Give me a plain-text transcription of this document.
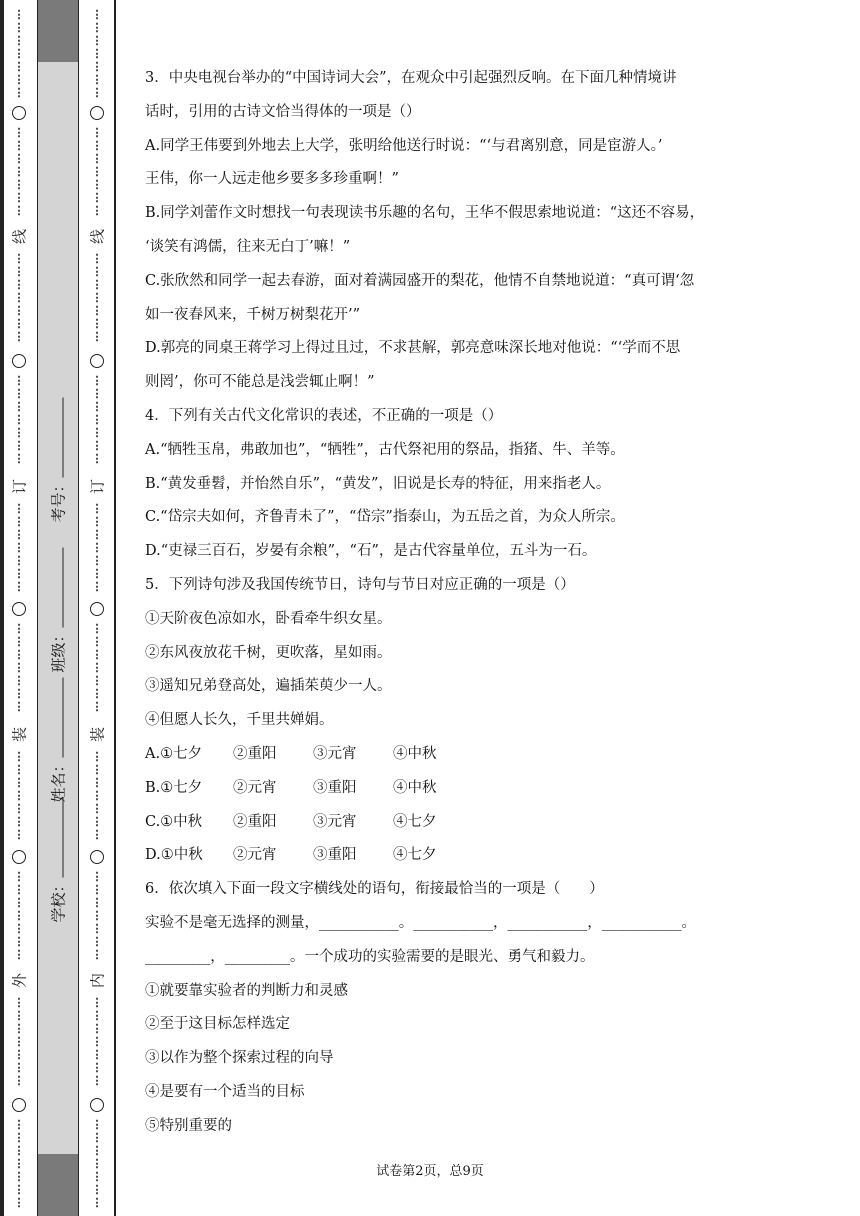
⋮
⋮
⋮
⋮
⋮
⋮
⋮
⋮
⋮
⋮
⋮
⋮
⋮
⋮
线
⋮
⋮
⋮
⋮
⋮
⋮
⋮
⋮
⋮
⋮
⋮
⋮
⋮
⋮
订
⋮
⋮
⋮
⋮
⋮
⋮
⋮
⋮
⋮
⋮
⋮
⋮
⋮
⋮
装
⋮
⋮
⋮
⋮
⋮
⋮
⋮
⋮
⋮
⋮
⋮
⋮
⋮
⋮
外
⋮
⋮
⋮
⋮
⋮
⋮
⋮
⋮
⋮
⋮
⋮
⋮
⋮
⋮
考号：
班级：
姓名：
学校：
⋮
⋮
⋮
⋮
⋮
⋮
⋮
⋮
⋮
⋮
⋮
⋮
⋮
⋮
线
⋮
⋮
⋮
⋮
⋮
⋮
⋮
⋮
⋮
⋮
⋮
⋮
⋮
⋮
订
⋮
⋮
⋮
⋮
⋮
⋮
⋮
⋮
⋮
⋮
⋮
⋮
⋮
⋮
装
⋮
⋮
⋮
⋮
⋮
⋮
⋮
⋮
⋮
⋮
⋮
⋮
⋮
⋮
内
⋮
⋮
⋮
⋮
⋮
⋮
⋮
⋮
⋮
⋮
⋮
⋮
⋮
⋮
3．中央电视台举办的“中国诗词大会”，在观众中引起强烈反响。在下面几种情境讲
话时，引用的古诗文恰当得体的一项是（）
A.同学王伟要到外地去上大学，张明给他送行时说：“‘与君离别意，同是宦游人。’
王伟，你一人远走他乡要多多珍重啊！”
B.同学刘蕾作文时想找一句表现读书乐趣的名句，王华不假思索地说道：“这还不容易，
‘谈笑有鸿儒，往来无白丁’嘛！”
C.张欣然和同学一起去春游，面对着满园盛开的梨花，他情不自禁地说道：“真可谓‘忽
如一夜春风来，千树万树梨花开’”
D.郭亮的同桌王蒋学习上得过且过，不求甚解，郭亮意味深长地对他说：“‘学而不思
则罔’，你可不能总是浅尝辄止啊！”
4．下列有关古代文化常识的表述，不正确的一项是（）
A.“牺牲玉帛，弗敢加也”，“牺牲”，古代祭祀用的祭品，指猪、牛、羊等。
B.“黄发垂髫，并怡然自乐”，“黄发”，旧说是长寿的特征，用来指老人。
C.“岱宗夫如何，齐鲁青未了”，“岱宗”指泰山，为五岳之首，为众人所宗。
D.“吏禄三百石，岁晏有余粮”，“石”，是古代容量单位，五斗为一石。
5．下列诗句涉及我国传统节日，诗句与节日对应正确的一项是（）
①天阶夜色凉如水，卧看牵牛织女星。
②东风夜放花千树，更吹落，星如雨。
③遥知兄弟登高处，遍插茱萸少一人。
④但愿人长久，千里共婵娟。
A.①七夕 ②重阳	③元宵	④中秋
B.①七夕 ②元宵	③重阳	④中秋
C.①中秋 ②重阳	③元宵	④七夕
D.①中秋 ②元宵	③重阳	④七夕
6．依次填入下面一段文字横线处的语句，衔接最恰当的一项是（　　）
实验不是毫无选择的测量，___________。___________，___________，___________。
_________，_________。一个成功的实验需要的是眼光、勇气和毅力。
①就要靠实验者的判断力和灵感
②至于这目标怎样选定
③以作为整个探索过程的向导
④是要有一个适当的目标
⑤特别重要的
试卷第2页，总9页
